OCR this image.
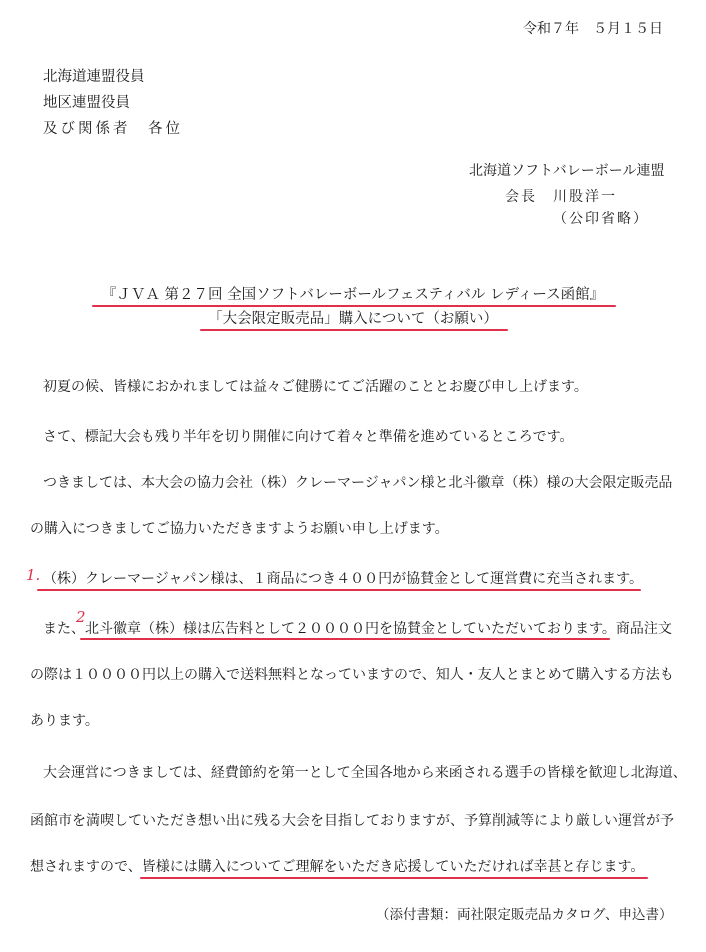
令和７年　５月１５日
北海道連盟役員
地区連盟役員
及び関係者　各位
北海道ソフトバレーボール連盟
会長　川股洋一
（公印省略）
『ＪＶＡ 第２７回 全国ソフトバレーボールフェスティバル レディース函館』
「大会限定販売品」購入について（お願い）
初夏の候、皆様におかれましては益々ご健勝にてご活躍のこととお慶び申し上げます。
さて、標記大会も残り半年を切り開催に向けて着々と準備を進めているところです。
つきましては、本大会の協力会社（株）クレーマージャパン様と北斗徽章（株）様の大会限定販売品
の購入につきましてご協力いただきますようお願い申し上げます。
1. （株）クレーマージャパン様は、１商品につき４００円が協賛金として運営費に充当されます。
2
また、北斗徽章（株）様は広告料として２００００円を協賛金としていただいております。商品注文
の際は１００００円以上の購入で送料無料となっていますので、知人・友人とまとめて購入する方法も
あります。
大会運営につきましては、経費節約を第一として全国各地から来函される選手の皆様を歓迎し北海道、
函館市を満喫していただき想い出に残る大会を目指しておりますが、予算削減等により厳しい運営が予
想されますので、皆様には購入についてご理解をいただき応援していただければ幸甚と存じます。
（添付書類：両社限定販売品カタログ、申込書）
